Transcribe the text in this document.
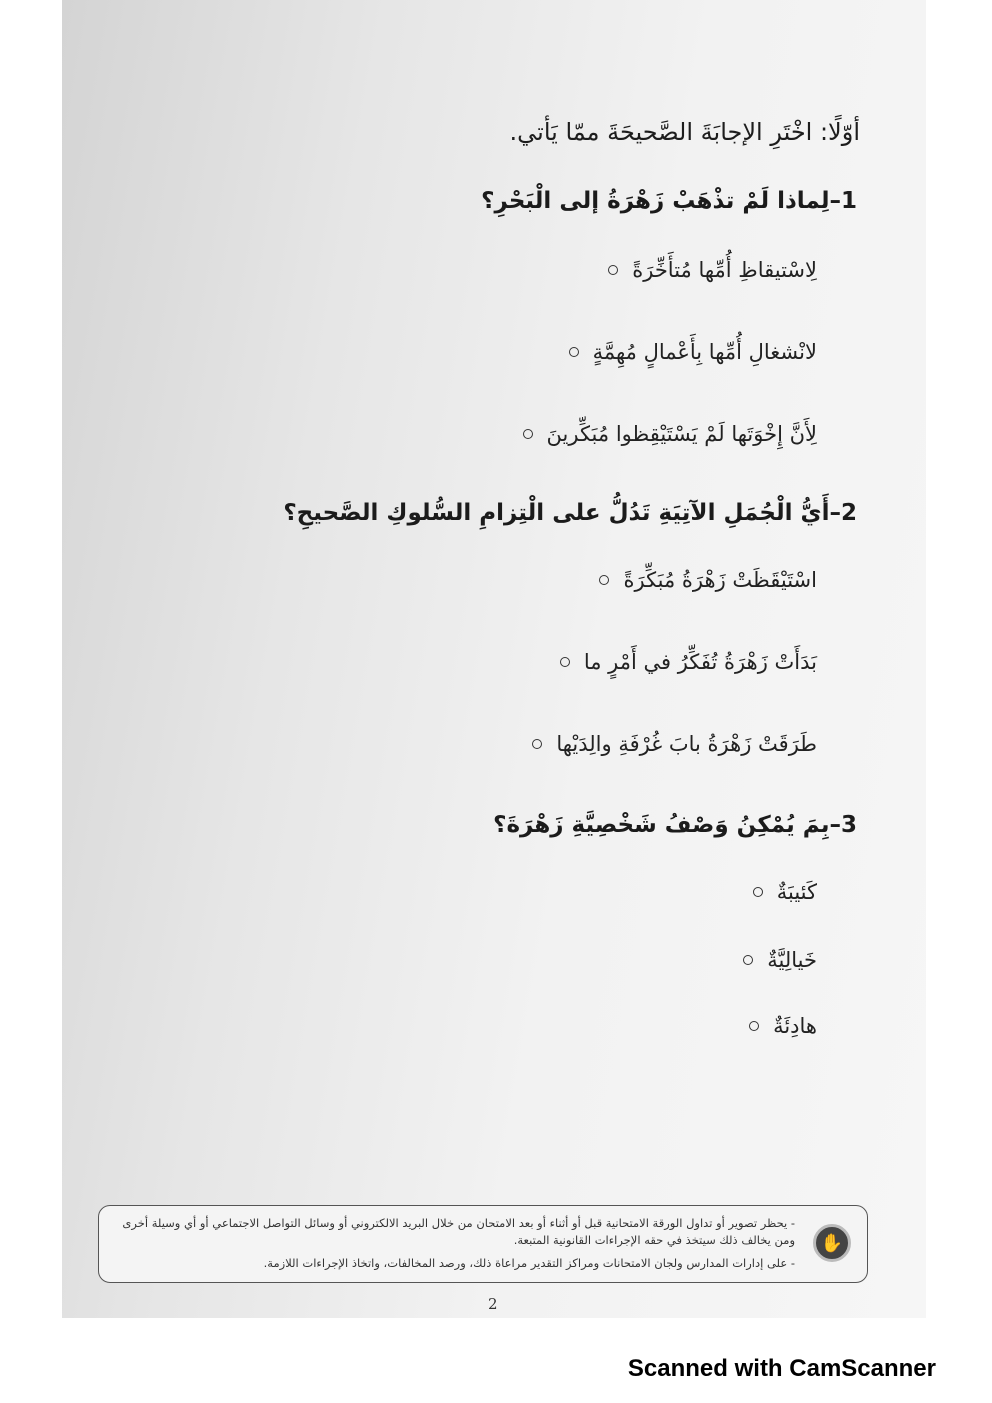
أوّلًا: اخْتَرِ الإجابَةَ الصَّحيحَةَ ممّا يَأتي.
1–لِماذا لَمْ تذْهَبْ زَهْرَةُ إلى الْبَحْرِ؟
لِاسْتيقاظِ أُمِّها مُتأَخِّرَةً
لانْشغالِ أُمِّها بِأَعْمالٍ مُهِمَّةٍ
لِأَنَّ إِخْوَتَها لَمْ يَسْتَيْقِظوا مُبَكِّرينَ
2–أَيُّ الْجُمَلِ الآتِيَةِ تَدُلُّ على الْتِزامِ السُّلوكِ الصَّحيحِ؟
اسْتَيْقَظَتْ زَهْرَةُ مُبَكِّرَةً
بَدَأَتْ زَهْرَةُ تُفَكِّرُ في أَمْرٍ ما
طَرَقَتْ زَهْرَةُ بابَ غُرْفَةِ والِدَيْها
3–بِمَ يُمْكِنُ وَصْفُ شَخْصِيَّةِ زَهْرَةَ؟
كَئيبَةٌ
خَيالِيَّةٌ
هادِئَةٌ
✋
- يحظر تصوير أو تداول الورقة الامتحانية قبل أو أثناء أو بعد الامتحان من خلال البريد الالكتروني أو وسائل التواصل الاجتماعي أو أي وسيلة أخرى
ومن يخالف ذلك سيتخذ في حقه الإجراءات القانونية المتبعة.
- على إدارات المدارس ولجان الامتحانات ومراكز التقدير مراعاة ذلك، ورصد المخالفات، واتخاذ الإجراءات اللازمة.
2
Scanned with CamScanner
